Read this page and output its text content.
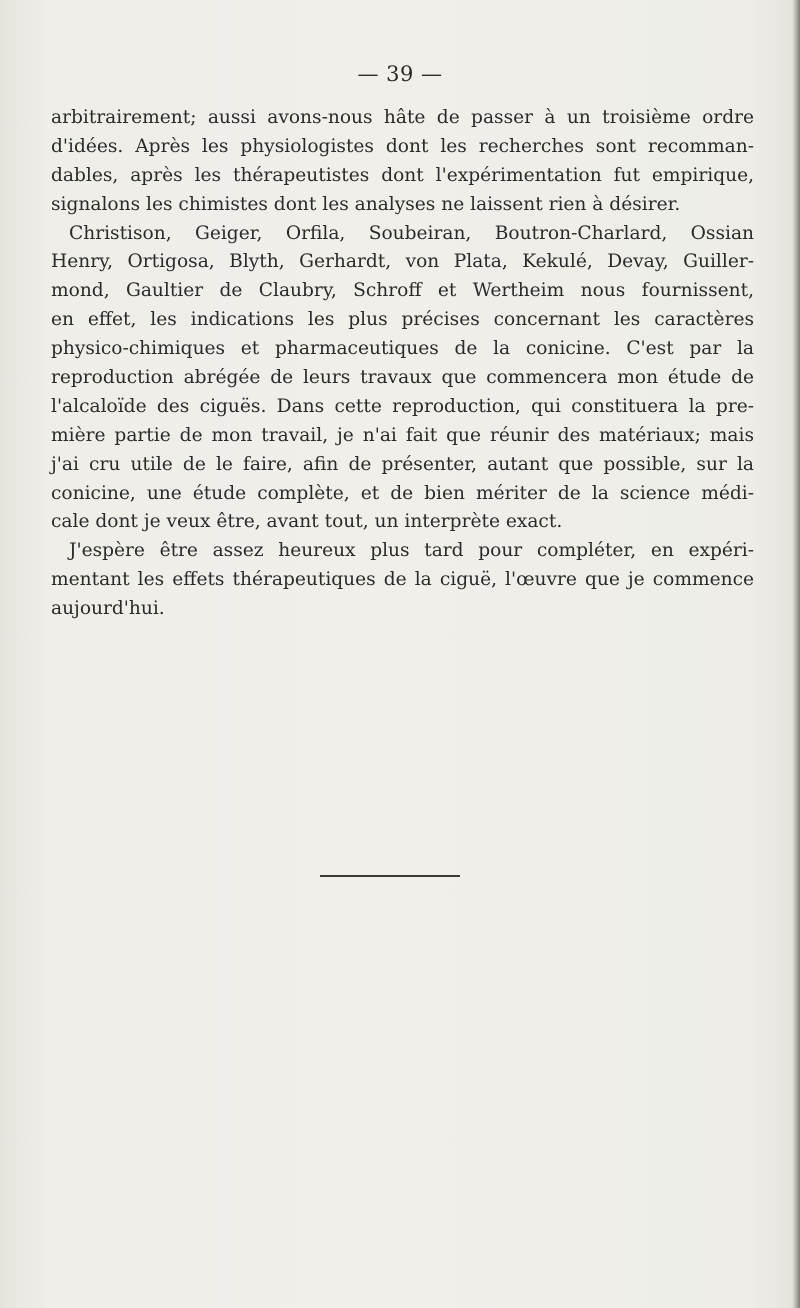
— 39 —
arbitrairement; aussi avons-nous hâte de passer à un troisième ordre
d'idées. Après les physiologistes dont les recherches sont recomman-
dables, après les thérapeutistes dont l'expérimentation fut empirique,
signalons les chimistes dont les analyses ne laissent rien à désirer.
Christison, Geiger, Orfila, Soubeiran, Boutron-Charlard, Ossian
Henry, Ortigosa, Blyth, Gerhardt, von Plata, Kekulé, Devay, Guiller-
mond, Gaultier de Claubry, Schroff et Wertheim nous fournissent,
en effet, les indications les plus précises concernant les caractères
physico-chimiques et pharmaceutiques de la conicine. C'est par la
reproduction abrégée de leurs travaux que commencera mon étude de
l'alcaloïde des ciguës. Dans cette reproduction, qui constituera la pre-
mière partie de mon travail, je n'ai fait que réunir des matériaux; mais
j'ai cru utile de le faire, afin de présenter, autant que possible, sur la
conicine, une étude complète, et de bien mériter de la science médi-
cale dont je veux être, avant tout, un interprète exact.
J'espère être assez heureux plus tard pour compléter, en expéri-
mentant les effets thérapeutiques de la ciguë, l'œuvre que je commence
aujourd'hui.
